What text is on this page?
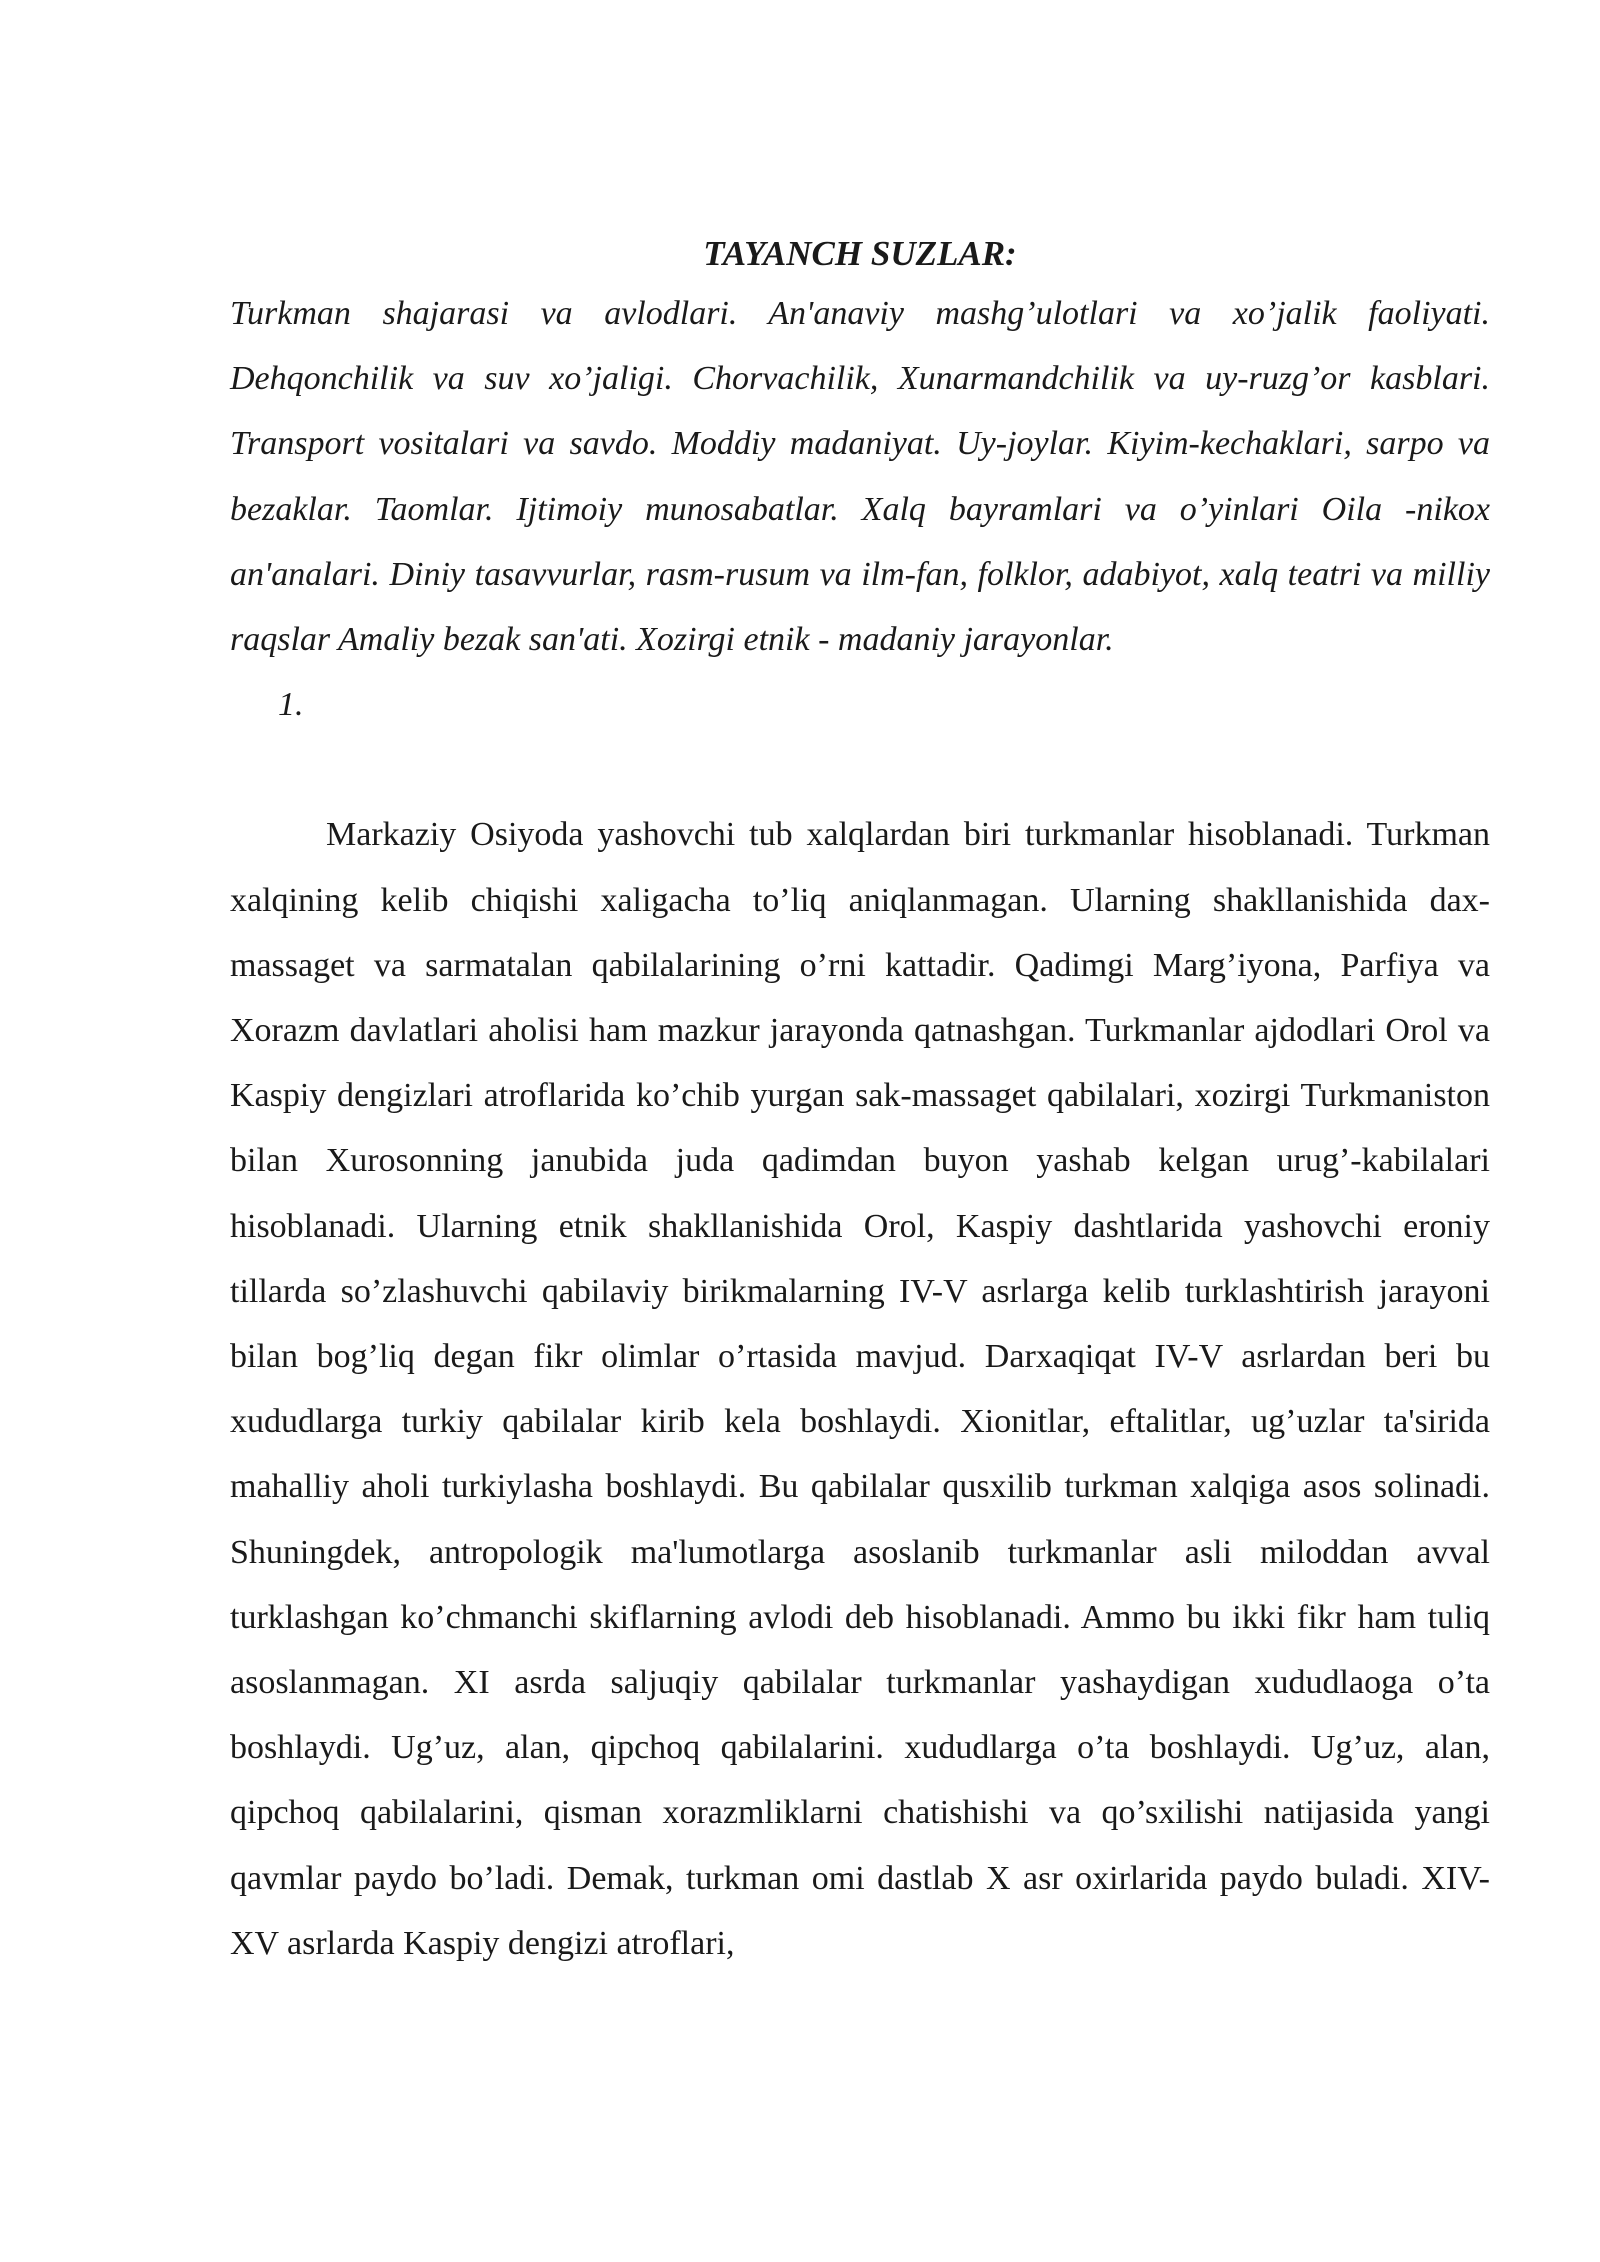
TAYANCH SUZLAR:

Turkman shajarasi va avlodlari. An'anaviy mashg’ulotlari va xo’jalik faoliyati. Dehqonchilik va suv xo’jaligi. Chorvachilik, Xunarmandchilik va uy-ruzg’or kasblari. Transport vositalari va savdo. Moddiy madaniyat. Uy-joylar. Kiyim-kechaklari, sarpo va bezaklar. Taomlar. Ijtimoiy munosabatlar. Xalq bayramlari va o’yinlari Oila -nikox an'analari. Diniy tasavvurlar, rasm-rusum va ilm-fan, folklor, adabiyot, xalq teatri va milliy raqslar Amaliy bezak san'ati. Xozirgi etnik - madaniy jarayonlar.

1.

Markaziy Osiyoda yashovchi tub xalqlardan biri turkmanlar hisoblanadi. Turkman xalqining kelib chiqishi xaligacha to’liq aniqlanmagan. Ularning shakllanishida dax-massaget va sarmatalan qabilalarining o’rni kattadir. Qadimgi Marg’iyona, Parfiya va Xorazm davlatlari aholisi ham mazkur jarayonda qatnashgan. Turkmanlar ajdodlari Orol va Kaspiy dengizlari atroflarida ko’chib yurgan sak-massaget qabilalari, xozirgi Turkmaniston bilan Xurosonning janubida juda qadimdan buyon yashab kelgan urug’-kabilalari hisoblanadi. Ularning etnik shakllanishida Orol, Kaspiy dashtlarida yashovchi eroniy tillarda so’zlashuvchi qabilaviy birikmalarning IV-V asrlarga kelib turklashtirish jarayoni bilan bog’liq degan fikr olimlar o’rtasida mavjud. Darxaqiqat IV-V asrlardan beri bu xududlarga turkiy qabilalar kirib kela boshlaydi. Xionitlar, eftalitlar, ug’uzlar ta'sirida mahalliy aholi turkiylasha boshlaydi. Bu qabilalar qusxilib turkman xalqiga asos solinadi. Shuningdek, antropologik ma'lumotlarga asoslanib turkmanlar asli miloddan avval turklashgan ko’chmanchi skiflarning avlodi deb hisoblanadi. Ammo bu ikki fikr ham tuliq asoslanmagan. XI asrda saljuqiy qabilalar turkmanlar yashaydigan xududlaoga o’ta boshlaydi. Ug’uz, alan, qipchoq qabilalarini. xududlarga o’ta boshlaydi. Ug’uz, alan, qipchoq qabilalarini, qisman xorazmliklarni chatishishi va qo’sxilishi natijasida yangi qavmlar paydo bo’ladi. Demak, turkman omi dastlab X asr oxirlarida paydo buladi. XIV-XV asrlarda Kaspiy dengizi atroflari,
